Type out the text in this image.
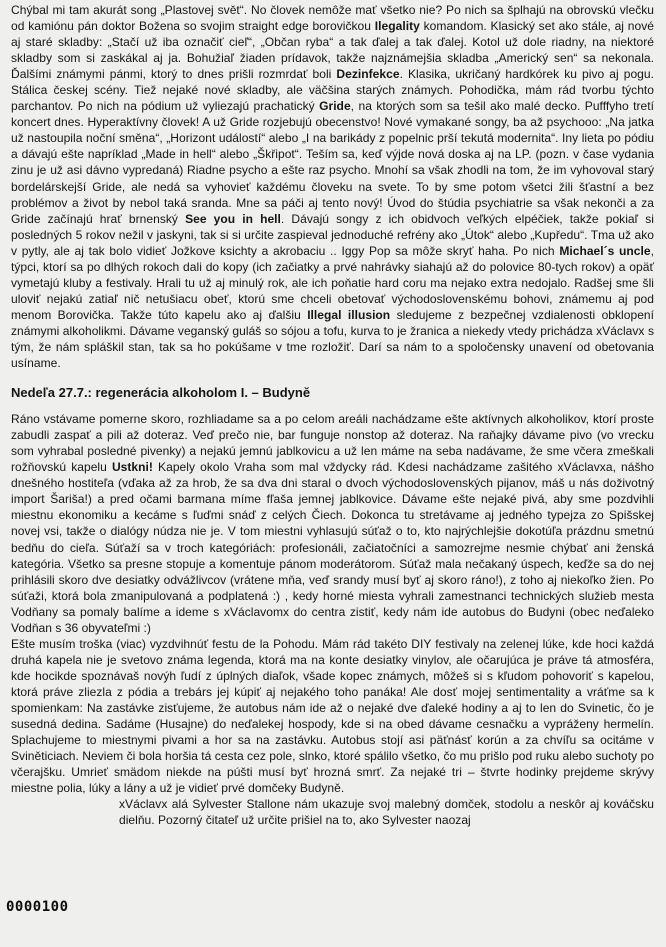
Chýbal mi tam akurát song „Plastovej svět“. No človek nemôže mať všetko nie? Po nich sa šplhajú na obrovskú vlečku od kamiónu pán doktor Božena so svojim straight edge borovičkou Ilegality komandom. Klasický set ako stále, aj nové aj staré skladby: „Stačí už iba označiť cieľ“, „Občan ryba“ a tak ďalej a tak ďalej. Kotol už dole riadny, na niektoré skladby som si zaskákal aj ja. Bohužiaľ žiaden prídavok, takže najznámejšia skladba „Americký sen“ sa nekonala. Ďalšími známymi pánmi, ktorý to dnes prišli rozmrdať boli Dezinfekce. Klasika, ukričaný hardkórek ku pivo aj pogu. Stálica českej scény. Tiež nejaké nové skladby, ale väčšina starých známych. Pohodička, mám rád tvorbu týchto parchantov. Po nich na pódium už vyliezajú prachatický Gride, na ktorých som sa tešil ako malé decko. Pufffyho tretí koncert dnes. Hyperaktívny človek! A už Gride rozjebujú obecenstvo! Nové vymakané songy, ba až psychooo: „Na jatka už nastoupila noční směna“, „Horizont událostí“ alebo „I na barikády z popelnic prší tekutá modernita“. Iny lieta po pódiu a dávajú ešte napríklad „Made in hell“ alebo „Škřipot“. Teším sa, keď výjde nová doska aj na LP. (pozn. v čase vydania zinu je už asi dávno vypredaná) Riadne psycho a ešte raz psycho. Mnohí sa však zhodli na tom, že im vyhovoval starý bordelárskejší Gride, ale nedá sa vyhovieť každému človeku na svete. To by sme potom všetci žili šťastní a bez problémov a život by nebol taká sranda. Mne sa páči aj tento nový! Úvod do štúdia psychiatrie sa však nekonči a za Gride začínajú hrať brnenský See you in hell. Dávajú songy z ich obidvoch veľkých elpéčiek, takže pokiaľ si posledných 5 rokov nežil v jaskyni, tak si si určite zaspieval jednoduché refrény ako „Útok“ alebo „Kupředu“. Tma už ako v pytly, ale aj tak bolo vidieť Jožkove ksichty a akrobaciu .. Iggy Pop sa môže skryť haha. Po nich Michael´s uncle, týpci, ktorí sa po dlhých rokoch dali do kopy (ich začiatky a prvé nahrávky siahajú až do polovice 80-tych rokov) a opäť vymetajú kluby a festivaly. Hrali tu už aj minulý rok, ale ich poňatie hard coru ma nejako extra nedojalo. Radšej sme šli uloviť nejakú zatiaľ nič netušiacu obeť, ktorú sme chceli obetovať východoslovenskému bohovi, známemu aj pod menom Borovička. Takže túto kapelu ako aj ďalšiu Illegal illusion sledujeme z bezpečnej vzdialenosti obklopení známymi alkoholikmi. Dávame veganský guláš so sójou a tofu, kurva to je žranica a niekedy vtedy prichádza xVáclavx s tým, že nám spláškil stan, tak sa ho pokúšame v tme rozložiť. Darí sa nám to a spoločensky unavení od obetovania usíname.

Nedeľa 27.7.: regenerácia alkoholom I. – Budyně

Ráno vstávame pomerne skoro, rozhliadame sa a po celom areáli nachádzame ešte aktívnych alkoholikov, ktorí proste zabudli zaspať a pili až doteraz. Veď prečo nie, bar funguje nonstop až doteraz. Na raňajky dávame pivo (vo vrecku som vyhrabal posledné pivenky) a nejakú jemnú jablkovicu a už len máme na seba nadávame, že sme včera zmeškali rožňovskú kapelu Ustkni! Kapely okolo Vraha som mal vždycky rád. Kdesi nachádzame zašitého xVáclavxa, nášho dnešného hostiteľa (vďaka až za hrob, že sa dva dni staral o dvoch východoslovenských pijanov, máš u nás doživotný import Šariša!) a pred očami barmana míme fľaša jemnej jablkovice. Dávame ešte nejaké pivá, aby sme pozdvihli miestnu ekonomiku a kecáme s ľuďmi snáď z celých Čiech. Dokonca tu stretávame aj jedného typejza zo Spišskej novej vsi, takže o dialógy núdza nie je. V tom miestni vyhlasujú súťaž o to, kto najrýchlejšie dokotúľa prázdnu smetnú bedňu do cieľa. Súťaží sa v troch kategóriách: profesionáli, začiatočníci a samozrejme nesmie chýbať ani ženská kategória. Všetko sa presne stopuje a komentuje pánom moderátorom. Súťaž mala nečakaný úspech, keďže sa do nej prihlásili skoro dve desiatky odvážlivcov (vrátene mňa, veď srandy musí byť aj skoro ráno!), z toho aj niekoľko žien. Po súťaži, ktorá bola zmanipulovaná a podplatená :) , kedy horné miesta vyhrali zamestnanci technických služieb mesta Vodňany sa pomaly balíme a ideme s xVáclavomx do centra zistiť, kedy nám ide autobus do Budyni (obec neďaleko Vodňan s 36 obyvateľmi :)

Ešte musím troška (viac) vyzdvihnúť festu de la Pohodu. Mám rád takéto DIY festivaly na zelenej lúke, kde hoci každá druhá kapela nie je svetovo známa legenda, ktorá ma na konte desiatky vinylov, ale očarujúca je práve tá atmosféra, kde hocikde spoznávaš novýh ľudí z úplných diaľok, všade kopec známych, môžeš si s kľudom pohovoriť s kapelou, ktorá práve zliezla z pódia a trebárs jej kúpiť aj nejakého toho panáka! Ale dosť mojej sentimentality a vráťme sa k spomienkam: Na zastávke zisťujeme, že autobus nám ide až o nejaké dve ďaleké hodiny a aj to len do Svinetic, čo je susedná dedina. Sadáme (Husajne) do neďalekej hospody, kde si na obed dávame cesnačku a vypráženy hermelín. Splachujeme to miestnymi pivami a hor sa na zastávku. Autobus stojí asi päťnásť korún a za chvíľu sa ocitáme v Sviněticiach. Neviem či bola horšia tá cesta cez pole, slnko, ktoré spálilo všetko, čo mu prišlo pod ruku alebo suchoty po včerajšku. Umrieť smädom niekde na púšti musí byť hrozná smrť. Za nejaké tri – štvrte hodinky prejdeme skrývy miestne polia, lúky a lány a už je vidieť prvé domčeky Budyně.

xVáclavx alá Sylvester Stallone nám ukazuje svoj malebný domček, stodolu a neskôr aj kováčsku dielňu. Pozorný čitateľ už určite prišiel na to, ako Sylvester naozaj

0000100
